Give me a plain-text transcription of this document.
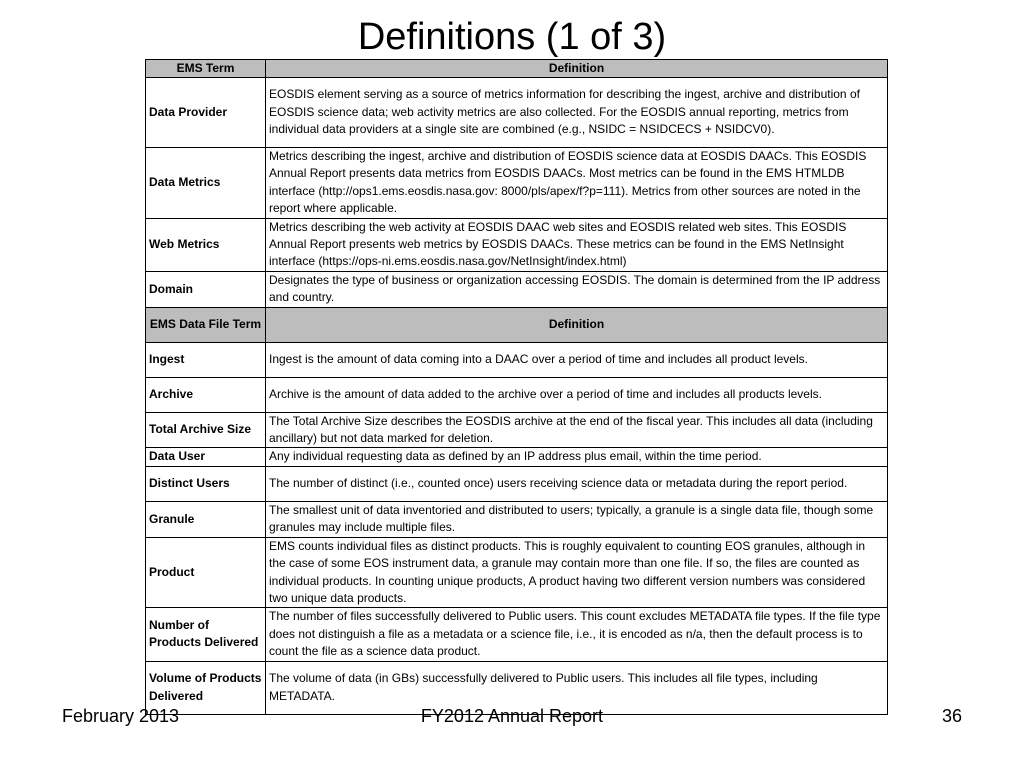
Definitions (1 of 3)
EMS Term	Definition
Data Provider	EOSDIS element serving as a source of metrics information for describing the ingest, archive and distribution of EOSDIS science data; web activity metrics are also collected. For the EOSDIS annual reporting, metrics from individual data providers at a single site are combined (e.g., NSIDC = NSIDCECS + NSIDCV0).
Data Metrics	Metrics describing the ingest, archive and distribution of EOSDIS science data at EOSDIS DAACs. This EOSDIS Annual Report presents data metrics from EOSDIS DAACs. Most metrics can be found in the EMS HTMLDB interface (http://ops1.ems.eosdis.nasa.gov: 8000/pls/apex/f?p=111). Metrics from other sources are noted in the report where applicable.
Web Metrics	Metrics describing the web activity at EOSDIS DAAC web sites and EOSDIS related web sites. This EOSDIS Annual Report presents web metrics by EOSDIS DAACs. These metrics can be found in the EMS NetInsight interface (https://ops-ni.ems.eosdis.nasa.gov/NetInsight/index.html)
Domain	Designates the type of business or organization accessing EOSDIS. The domain is determined from the IP address and country.
EMS Data File Term	Definition
Ingest	Ingest is the amount of data coming into a DAAC over a period of time and includes all product levels.
Archive	Archive is the amount of data added to the archive over a period of time and includes all products levels.
Total Archive Size	The Total Archive Size describes the EOSDIS archive at the end of the fiscal year. This includes all data (including ancillary) but not data marked for deletion.
Data User	Any individual requesting data as defined by an IP address plus email, within the time period.
Distinct Users	The number of distinct (i.e., counted once) users receiving science data or metadata during the report period.
Granule	The smallest unit of data inventoried and distributed to users; typically, a granule is a single data file, though some granules may include multiple files.
Product	EMS counts individual files as distinct products. This is roughly equivalent to counting EOS granules, although in the case of some EOS instrument data, a granule may contain more than one file. If so, the files are counted as individual products. In counting unique products, A product having two different version numbers was considered two unique data products.
Number of Products Delivered	The number of files successfully delivered to Public users. This count excludes METADATA file types. If the file type does not distinguish a file as a metadata or a science file, i.e., it is encoded as n/a, then the default process is to count the file as a science data product.
Volume of Products Delivered	The volume of data (in GBs) successfully delivered to Public users. This includes all file types, including METADATA.
February 2013	FY2012 Annual Report	36
